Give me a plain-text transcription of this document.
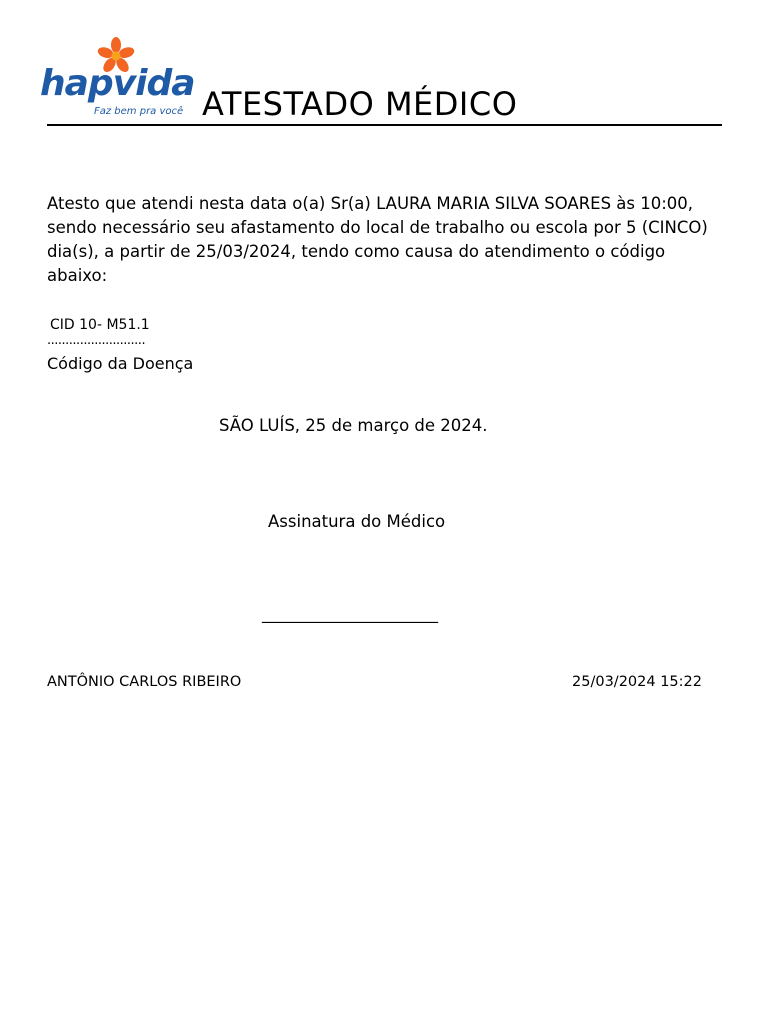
hapvida
Faz bem pra você ATESTADO MÉDICO
Atesto que atendi nesta data o(a) Sr(a) LAURA MARIA SILVA SOARES às 10:00, sendo necessário seu afastamento do local de trabalho ou escola por 5 (CINCO) dia(s), a partir de 25/03/2024, tendo como causa do atendimento o código abaixo:
CID 10- M51.1
...........................
Código da Doença
SÃO LUÍS, 25 de março de 2024.
Assinatura do Médico
______________________
ANTÔNIO CARLOS RIBEIRO	25/03/2024 15:22
